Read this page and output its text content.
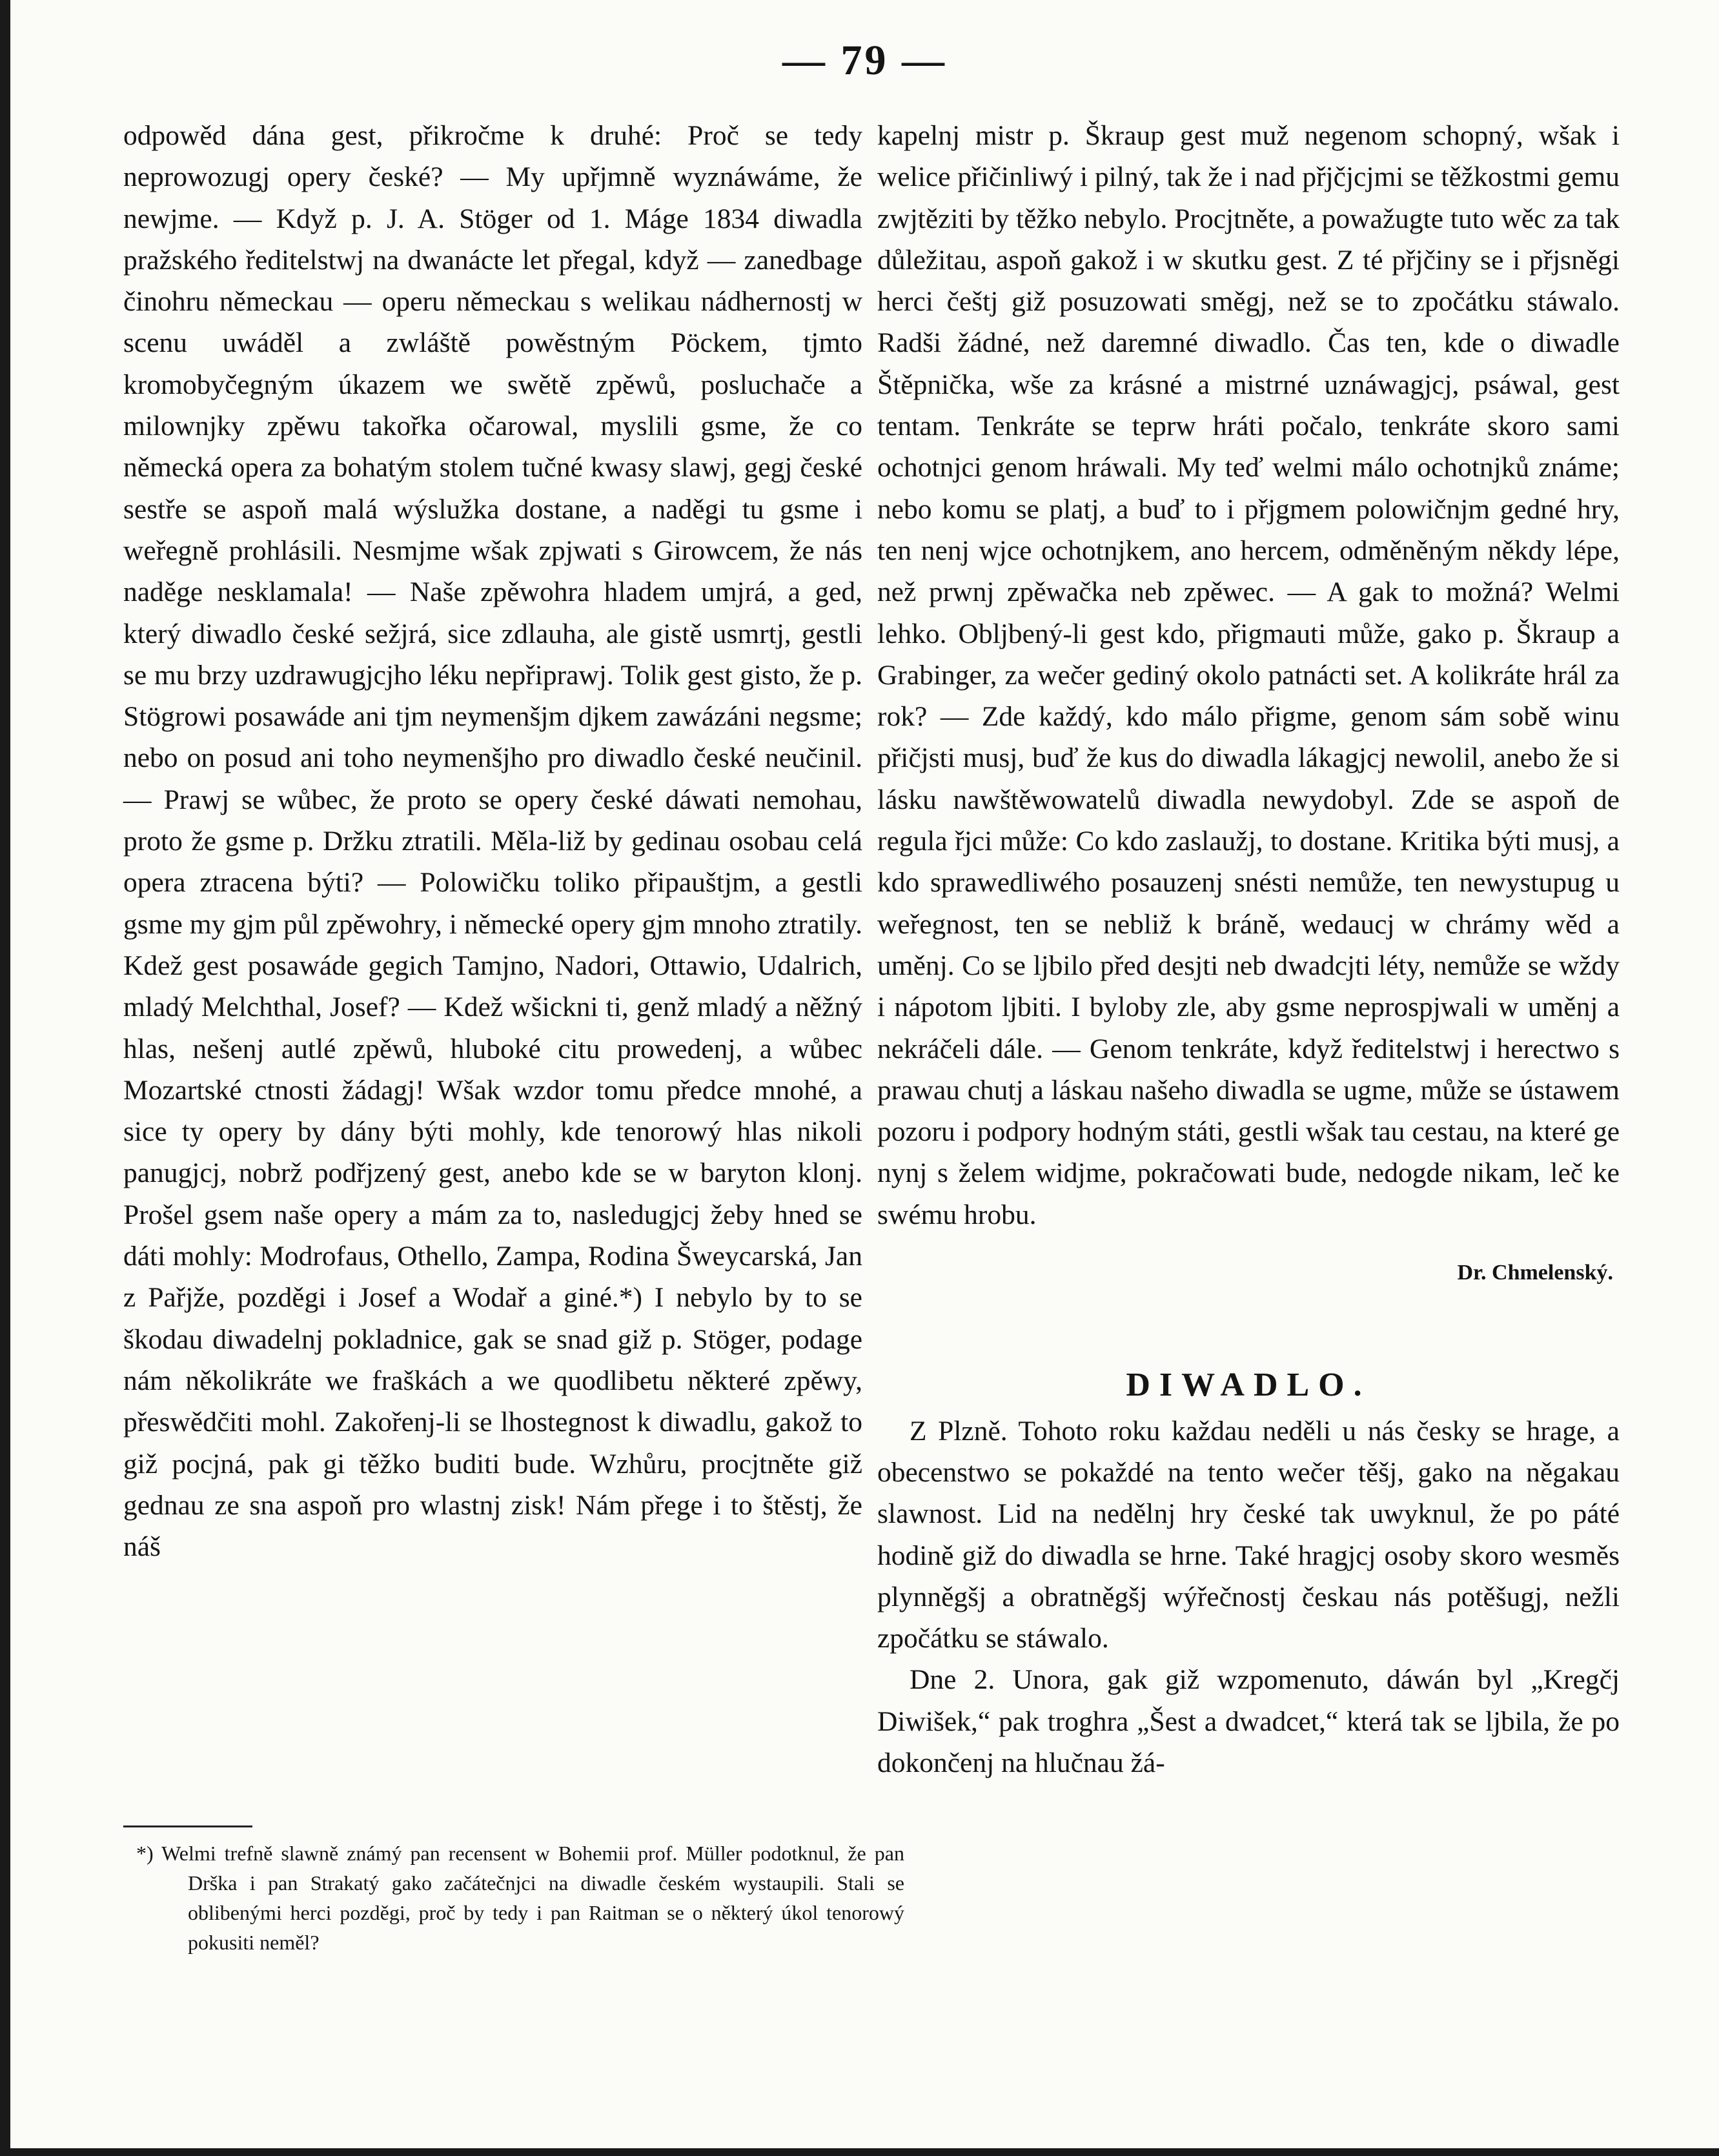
— 79 —

odpowěd dána gest, přikročme k druhé: Proč se tedy neprowozugj opery české? — My upřjmně wyznáwáme, že newjme. — Když p. J. A. Stöger od 1. Máge 1834 diwadla pražského ředitelstwj na dwanácte let přegal, když — zanedbage činohru německau — operu německau s welikau nádhernostj w scenu uwáděl a zwláště powěstným Pöckem, tjmto kromobyčegným úkazem we swětě zpěwů, posluchače a milownjky zpěwu takořka očarowal, myslili gsme, že co německá opera za bohatým stolem tučné kwasy slawj, gegj české sestře se aspoň malá wýslužka dostane, a naděgi tu gsme i weřegně prohlásili. Nesmjme wšak zpjwati s Girowcem, že nás naděge nesklamala! — Naše zpěwohra hladem umjrá, a ged, který diwadlo české sežjrá, sice zdlauha, ale gistě usmrtj, gestli se mu brzy uzdrawugjcjho léku nepřiprawj. Tolik gest gisto, že p. Stögrowi posawáde ani tjm neymenšjm djkem zawázáni negsme; nebo on posud ani toho neymenšjho pro diwadlo české neučinil. — Prawj se wůbec, že proto se opery české dáwati nemohau, proto že gsme p. Držku ztratili. Měla-liž by gedinau osobau celá opera ztracena býti? — Polowičku toliko připauštjm, a gestli gsme my gjm půl zpěwohry, i německé opery gjm mnoho ztratily. Kdež gest posawáde gegich Tamjno, Nadori, Ottawio, Udalrich, mladý Melchthal, Josef? — Kdež wšickni ti, genž mladý a něžný hlas, nešenj autlé zpěwů, hluboké citu prowedenj, a wůbec Mozartské ctnosti žádagj! Wšak wzdor tomu předce mnohé, a sice ty opery by dány býti mohly, kde tenorowý hlas nikoli panugjcj, nobrž podřjzený gest, anebo kde se w baryton klonj. Prošel gsem naše opery a mám za to, nasledugjcj žeby hned se dáti mohly: Modrofaus, Othello, Zampa, Rodina Šweycarská, Jan z Pařjže, pozděgi i Josef a Wodař a giné.*) I nebylo by to se škodau diwadelnj pokladnice, gak se snad giž p. Stöger, podage nám několikráte we fraškách a we quodlibetu některé zpěwy, přeswědčiti mohl. Zakořenj-li se lhostegnost k diwadlu, gakož to giž pocjná, pak gi těžko buditi bude. Wzhůru, procjtněte giž gednau ze sna aspoň pro wlastnj zisk! Nám přege i to štěstj, že náš

*) Welmi trefně slawně známý pan recensent w Bohemii prof. Müller podotknul, že pan Drška i pan Strakatý gako začátečnjci na diwadle českém wystaupili. Stali se oblibenými herci pozděgi, proč by tedy i pan Raitman se o některý úkol tenorowý pokusiti neměl?

kapelnj mistr p. Škraup gest muž negenom schopný, wšak i welice přičinliwý i pilný, tak že i nad přjčjcjmi se těžkostmi gemu zwjtěziti by těžko nebylo. Procjtněte, a powažugte tuto wěc za tak důležitau, aspoň gakož i w skutku gest. Z té přjčiny se i přjsněgi herci češtj giž posuzowati směgj, než se to zpočátku stáwalo. Radši žádné, než daremné diwadlo. Čas ten, kde o diwadle Štěpničkа, wše za krásné a mistrné uznáwagjcj, psáwal, gest tentam. Tenkráte se teprw hráti počalo, tenkráte skoro sami ochotnjci genom hráwali. My teď welmi málo ochotnjků známe; nebo komu se platj, a buď to i přjgmem polowičnjm gedné hry, ten nenj wjce ochotnjkem, ano hercem, odměněným někdy lépe, než prwnj zpěwačka neb zpěwec. — A gak to možná? Welmi lehko. Obljbený-li gest kdo, přigmauti může, gako p. Škraup a Grabinger, za wečer gediný okolo patnácti set. A kolikráte hrál za rok? — Zde každý, kdo málo přigme, genom sám sobě winu přičjsti musj, buď že kus do diwadla lákagjcj newolil, anebo že si lásku nawštěwowatelů diwadla newydobyl. Zde se aspoň de regula řjci může: Co kdo zaslaužj, to dostane. Kritika býti musj, a kdo sprawedliwého posauzenj snésti nemůže, ten newystupug u weřegnost, ten se nebliž k bráně, wedaucj w chrámy wěd a uměnj. Co se ljbilo před desjti neb dwadcjti léty, nemůže se wždy i nápotom ljbiti. I byloby zle, aby gsme neprospjwali w uměnj a nekráčeli dále. — Genom tenkráte, když ředitelstwj i herectwo s prawau chutj a láskau našeho diwadla se ugme, může se ústawem pozoru i podpory hodným státi, gestli wšak tau cestau, na které ge nynj s želem widjme, pokračowati bude, nedogde nikam, leč ke swému hrobu.

Dr. Chmelenský.
DIWADLO.

Z Plzně. Tohoto roku každau neděli u nás česky se hrage, a obecenstwo se pokaždé na tento wečer těšj, gako na něgakau slawnost. Lid na nedělnj hry české tak uwyknul, že po páté hodině giž do diwadla se hrne. Také hragjcj osoby skoro wesměs plynněgšj a obratněgšj wýřečnostj českau nás potěšugj, nežli zpočátku se stáwalo.

Dne 2. Unora, gak giž wzpomenuto, dáwán byl „Kregčj Diwišek,“ pak troghra „Šest a dwadcet,“ která tak se ljbila, že po dokončenj na hlučnau žá-
